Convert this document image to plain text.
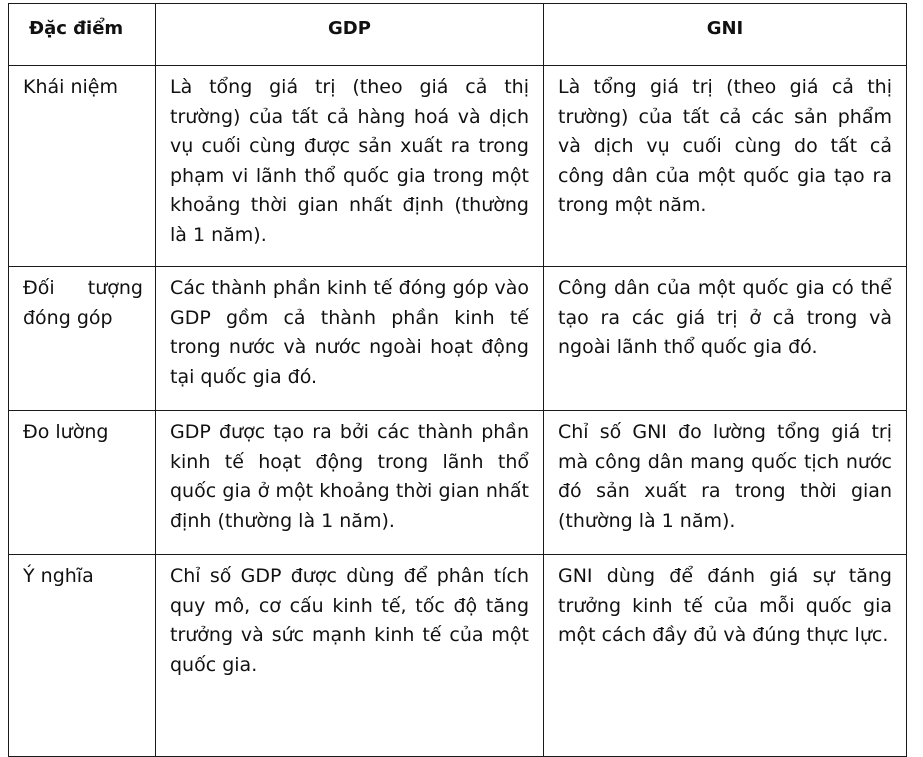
Đặc điểm	GDP	GNI
Khái niệm	Là tổng giá trị (theo giá cả thị trường) của tất cả hàng hoá và dịch vụ cuối cùng được sản xuất ra trong phạm vi lãnh thổ quốc gia trong một khoảng thời gian nhất định (thường là 1 năm).	Là tổng giá trị (theo giá cả thị trường) của tất cả các sản phẩm và dịch vụ cuối cùng do tất cả công dân của một quốc gia tạo ra trong một năm.
Đối tượng đóng góp	Các thành phần kinh tế đóng góp vào GDP gồm cả thành phần kinh tế trong nước và nước ngoài hoạt động tại quốc gia đó.	Công dân của một quốc gia có thể tạo ra các giá trị ở cả trong và ngoài lãnh thổ quốc gia đó.
Đo lường	GDP được tạo ra bởi các thành phần kinh tế hoạt động trong lãnh thổ quốc gia ở một khoảng thời gian nhất định (thường là 1 năm).	Chỉ số GNI đo lường tổng giá trị mà công dân mang quốc tịch nước đó sản xuất ra trong thời gian (thường là 1 năm).
Ý nghĩa	Chỉ số GDP được dùng để phân tích quy mô, cơ cấu kinh tế, tốc độ tăng trưởng và sức mạnh kinh tế của một quốc gia.	GNI dùng để đánh giá sự tăng trưởng kinh tế của mỗi quốc gia một cách đầy đủ và đúng thực lực.
